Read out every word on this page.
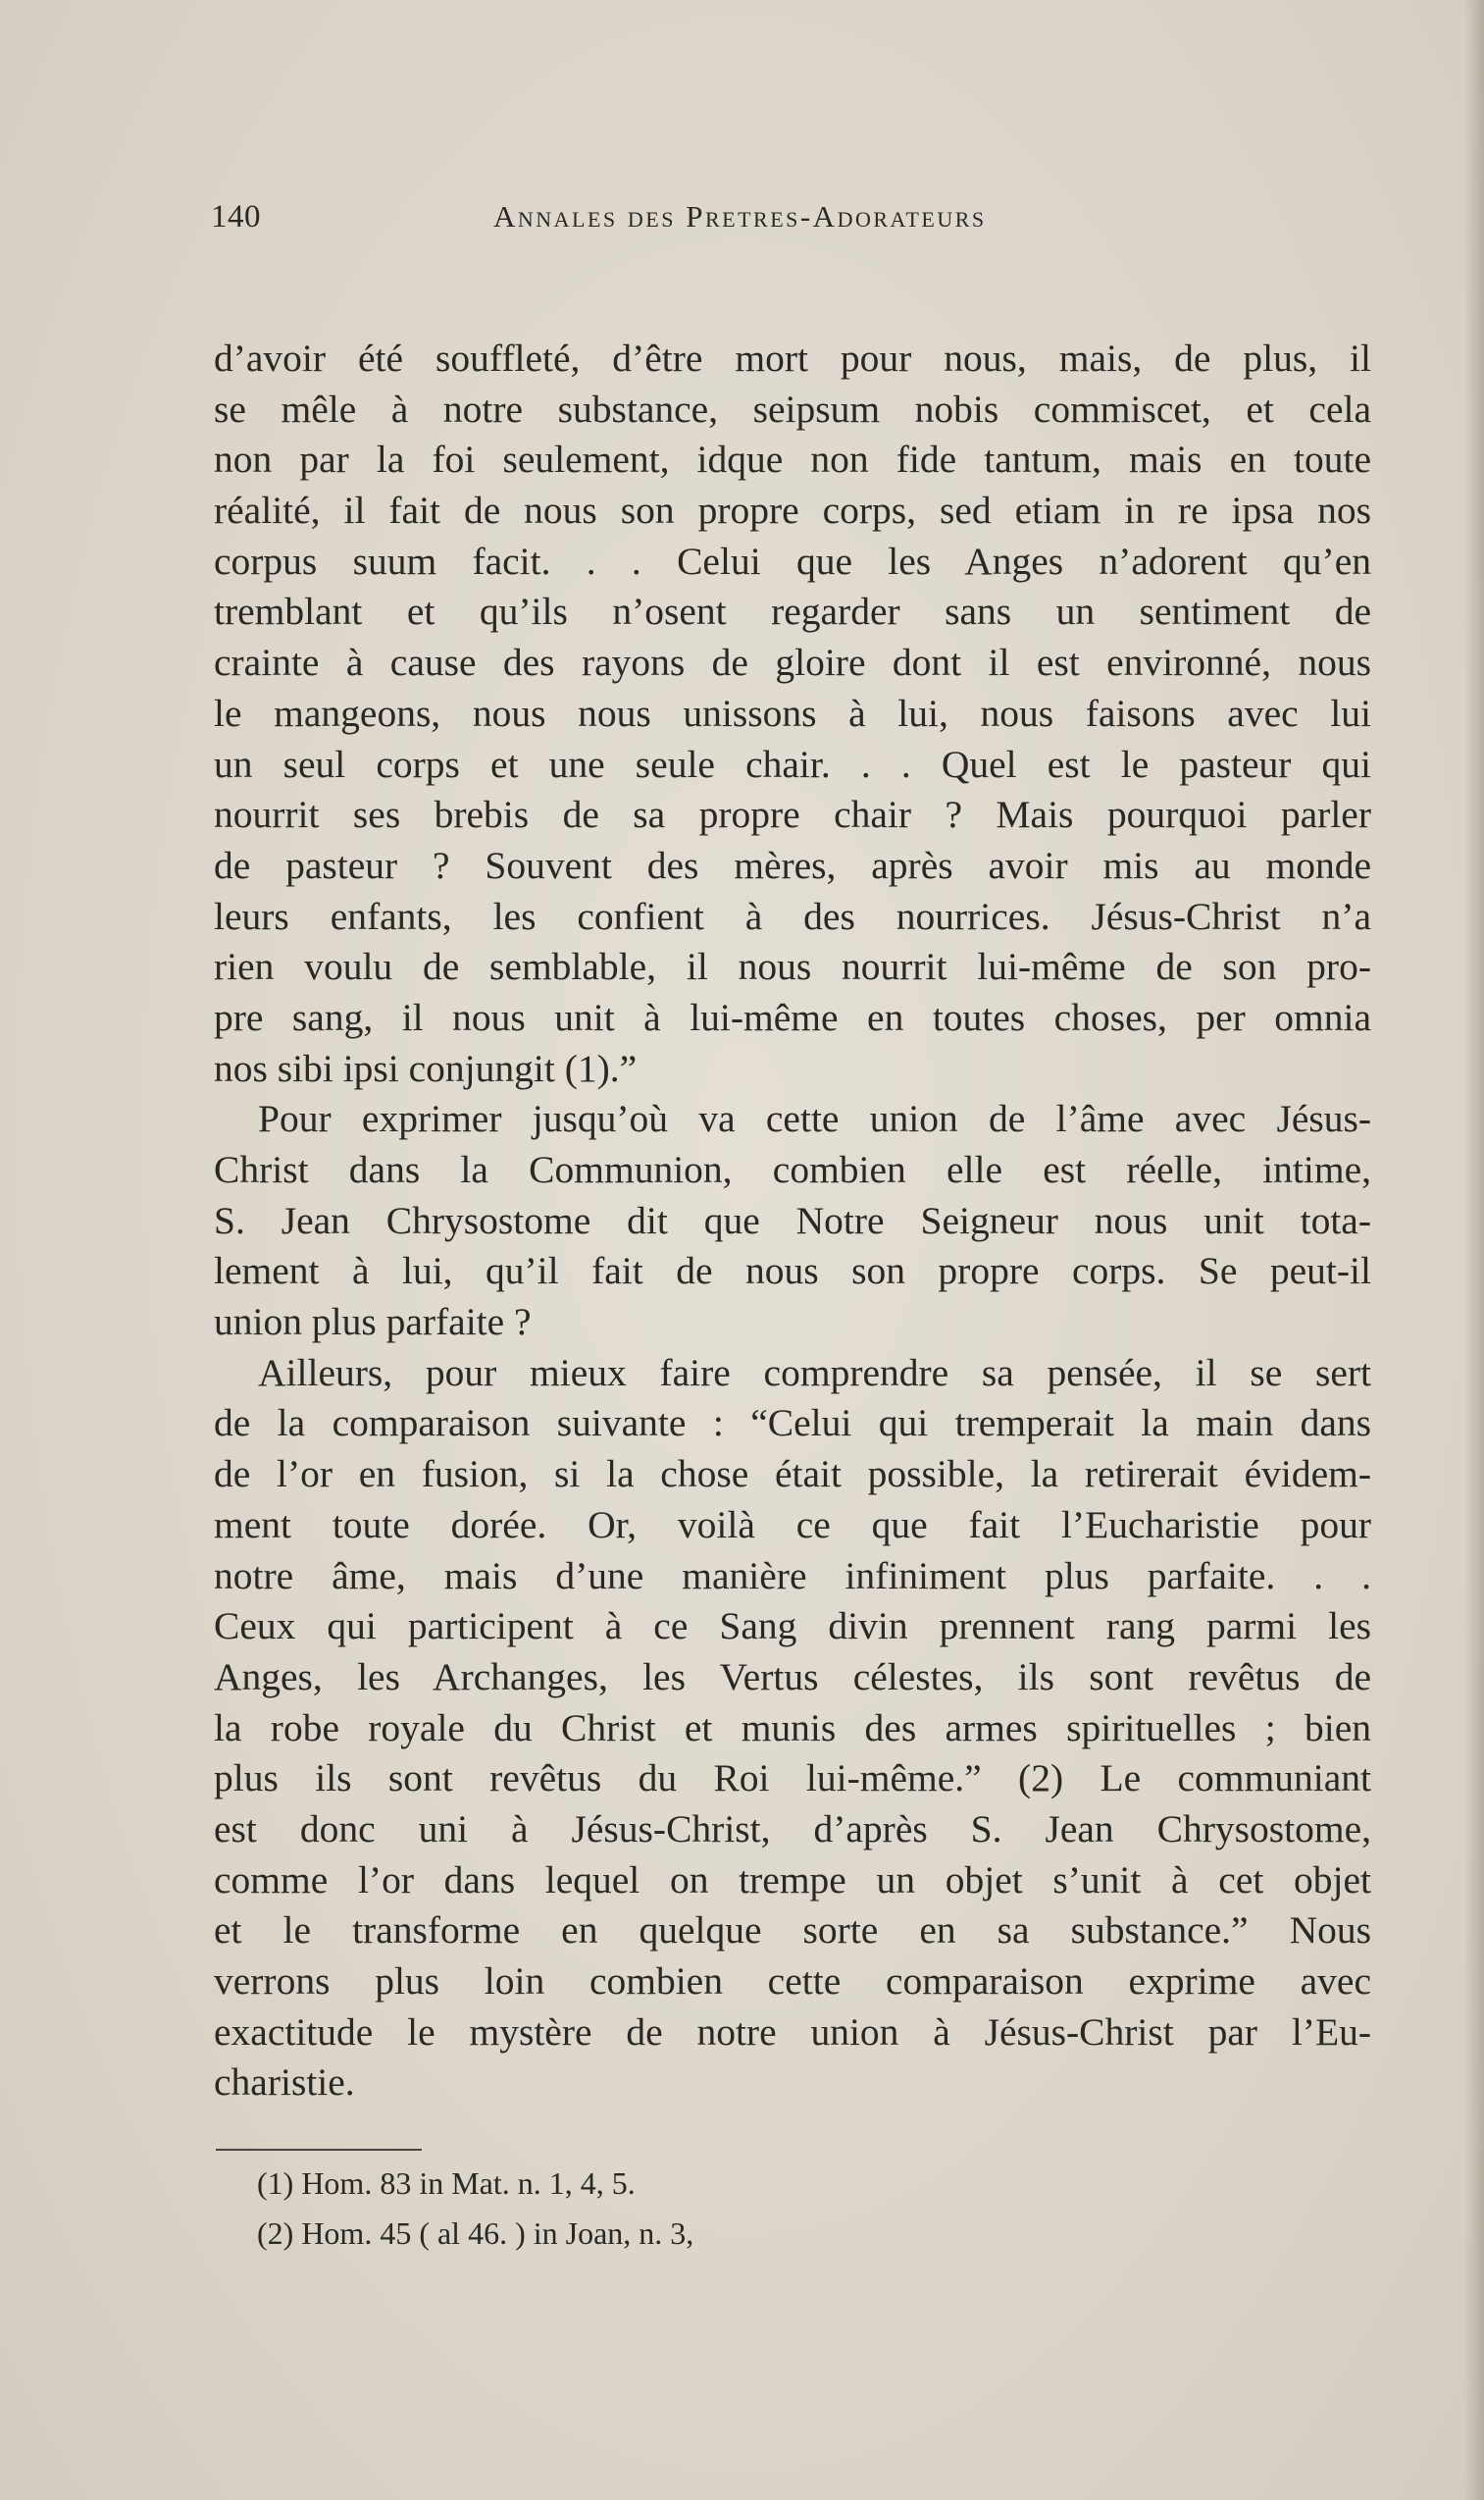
140	Annales des Pretres-Adorateurs

d’avoir été souffleté, d’être mort pour nous, mais, de plus, il

se mêle à notre substance, seipsum nobis commiscet, et cela

non par la foi seulement, idque non fide tantum, mais en toute

réalité, il fait de nous son propre corps, sed etiam in re ipsa nos

corpus suum facit. . . Celui que les Anges n’adorent qu’en

tremblant et qu’ils n’osent regarder sans un sentiment de

crainte à cause des rayons de gloire dont il est environné, nous

le mangeons, nous nous unissons à lui, nous faisons avec lui

un seul corps et une seule chair. . . Quel est le pasteur qui

nourrit ses brebis de sa propre chair ? Mais pourquoi parler

de pasteur ? Souvent des mères, après avoir mis au monde

leurs enfants, les confient à des nourrices. Jésus-Christ n’a

rien voulu de semblable, il nous nourrit lui-même de son pro-

pre sang, il nous unit à lui-même en toutes choses, per omnia

nos sibi ipsi conjungit (1).”

Pour exprimer jusqu’où va cette union de l’âme avec Jésus-

Christ dans la Communion, combien elle est réelle, intime,

S. Jean Chrysostome dit que Notre Seigneur nous unit tota-

lement à lui, qu’il fait de nous son propre corps. Se peut-il

union plus parfaite ?

Ailleurs, pour mieux faire comprendre sa pensée, il se sert

de la comparaison suivante : “Celui qui tremperait la main dans

de l’or en fusion, si la chose était possible, la retirerait évidem-

ment toute dorée. Or, voilà ce que fait l’Eucharistie pour

notre âme, mais d’une manière infiniment plus parfaite. . .

Ceux qui participent à ce Sang divin prennent rang parmi les

Anges, les Archanges, les Vertus célestes, ils sont revêtus de

la robe royale du Christ et munis des armes spirituelles ; bien

plus ils sont revêtus du Roi lui-même.” (2) Le communiant

est donc uni à Jésus-Christ, d’après S. Jean Chrysostome,

comme l’or dans lequel on trempe un objet s’unit à cet objet

et le transforme en quelque sorte en sa substance.” Nous

verrons plus loin combien cette comparaison exprime avec

exactitude le mystère de notre union à Jésus-Christ par l’Eu-

charistie.

(1) Hom. 83 in Mat. n. 1, 4, 5.
(2) Hom. 45 ( al 46. ) in Joan, n. 3,
